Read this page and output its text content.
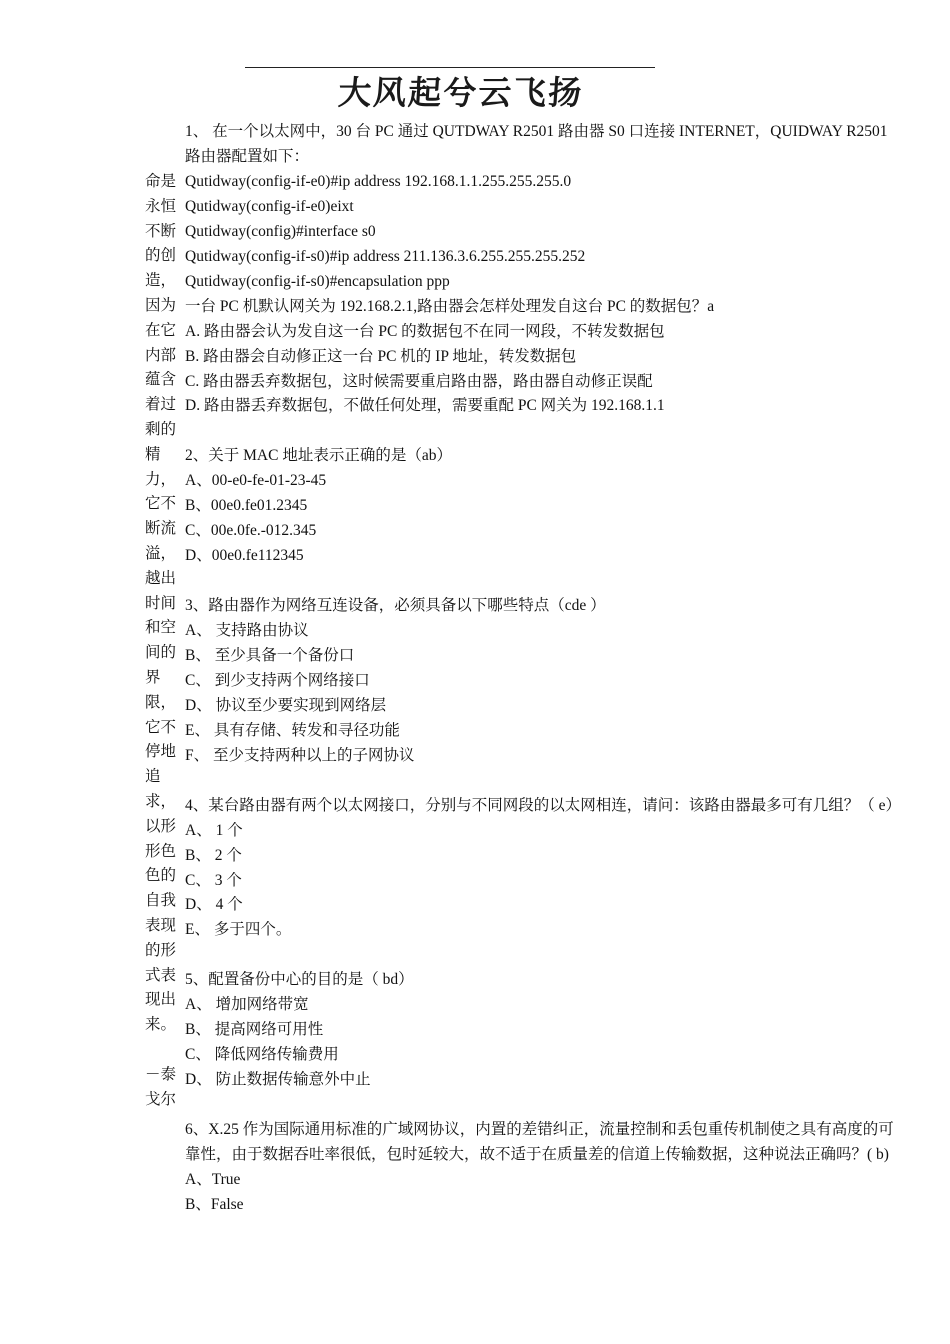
大风起兮云飞扬
命是
永恒
不断
的创
造，
因为
在它
内部
蕴含
着过
剩的
精
力，
它不
断流
溢，
越出
时间
和空
间的
界
限，
它不
停地
追
求，
以形
形色
色的
自我
表现
的形
式表
现出
来。
－泰
戈尔
1、 在一个以太网中，30 台 PC 通过 QUTDWAY R2501 路由器 S0 口连接 INTERNET，QUIDWAY R2501
路由器配置如下：
Qutidway(config-if-e0)#ip address 192.168.1.1.255.255.255.0
Qutidway(config-if-e0)eixt
Qutidway(config)#interface s0
Qutidway(config-if-s0)#ip address 211.136.3.6.255.255.255.252
Qutidway(config-if-s0)#encapsulation ppp
一台 PC 机默认网关为 192.168.2.1,路由器会怎样处理发自这台 PC 的数据包？a
A. 路由器会认为发自这一台 PC 的数据包不在同一网段，不转发数据包
B. 路由器会自动修正这一台 PC 机的 IP 地址，转发数据包
C. 路由器丢弃数据包，这时候需要重启路由器，路由器自动修正误配
D. 路由器丢弃数据包，不做任何处理，需要重配 PC 网关为 192.168.1.1
2、关于 MAC 地址表示正确的是（ab）
A、00-e0-fe-01-23-45
B、00e0.fe01.2345
C、00e.0fe.-012.345
D、00e0.fe112345
3、路由器作为网络互连设备，必须具备以下哪些特点（cde ）
A、 支持路由协议
B、 至少具备一个备份口
C、 到少支持两个网络接口
D、 协议至少要实现到网络层
E、 具有存储、转发和寻径功能
F、 至少支持两种以上的子网协议
4、某台路由器有两个以太网接口，分别与不同网段的以太网相连，请问：该路由器最多可有几组？（ e）
A、 1 个
B、 2 个
C、 3 个
D、 4 个
E、 多于四个。
5、配置备份中心的目的是（ bd）
A、 增加网络带宽
B、 提高网络可用性
C、 降低网络传输费用
D、 防止数据传输意外中止
6、X.25 作为国际通用标准的广域网协议，内置的差错纠正，流量控制和丢包重传机制使之具有高度的可
靠性，由于数据吞吐率很低，包时延较大，故不适于在质量差的信道上传输数据，这种说法正确吗？( b)
A、True
B、False
